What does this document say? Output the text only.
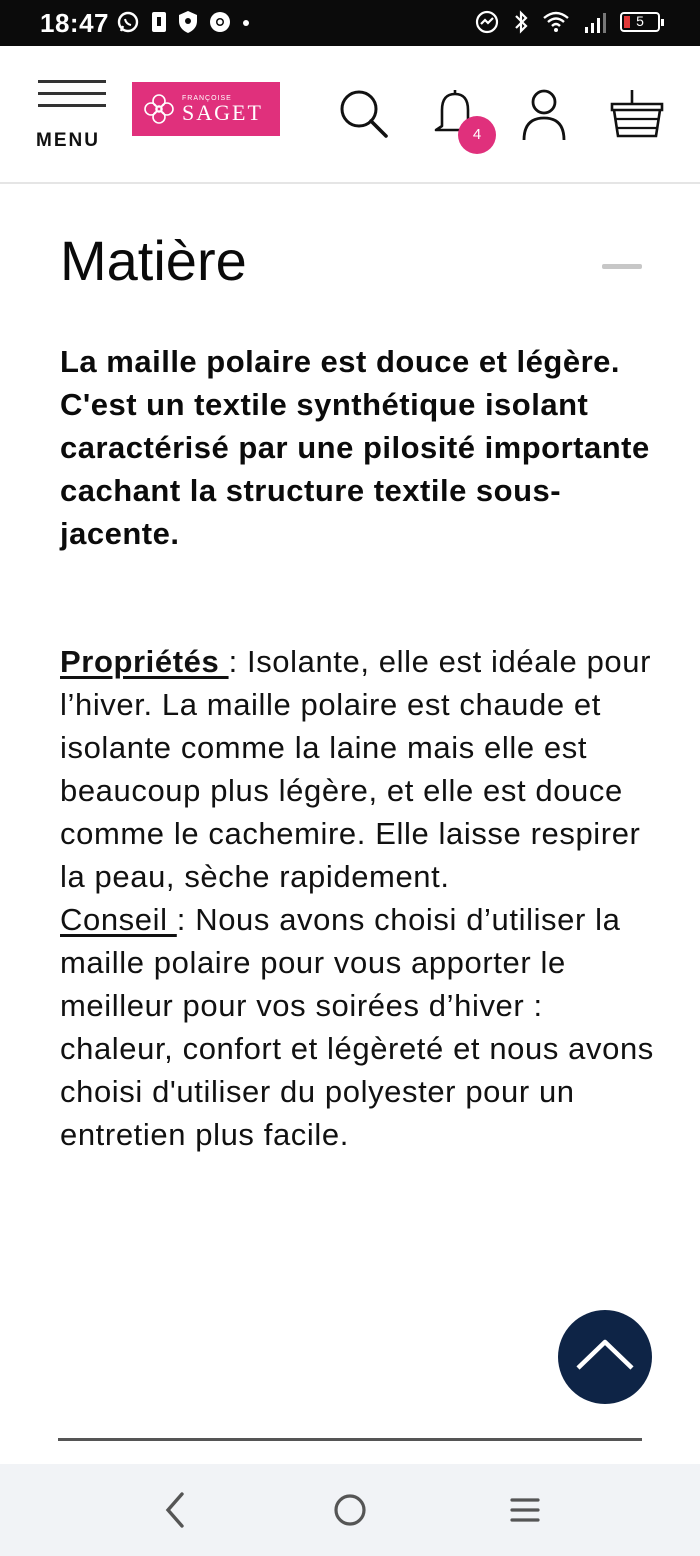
18:47	5
MENU
FRANÇOISE
SAGET
4
Matière

La maille polaire est douce et légère. C'est un textile synthétique isolant caractérisé par une pilosité importante cachant la structure textile sous-jacente.

Propriétés : Isolante, elle est idéale pour l’hiver. La maille polaire est chaude et isolante comme la laine mais elle est beaucoup plus légère, et elle est douce comme le cachemire. Elle laisse respirer la peau, sèche rapidement.

Conseil : Nous avons choisi d’utiliser la maille polaire pour vous apporter le meilleur pour vos soirées d’hiver : chaleur, confort et légèreté et nous avons choisi d'utiliser du polyester pour un entretien plus facile.
